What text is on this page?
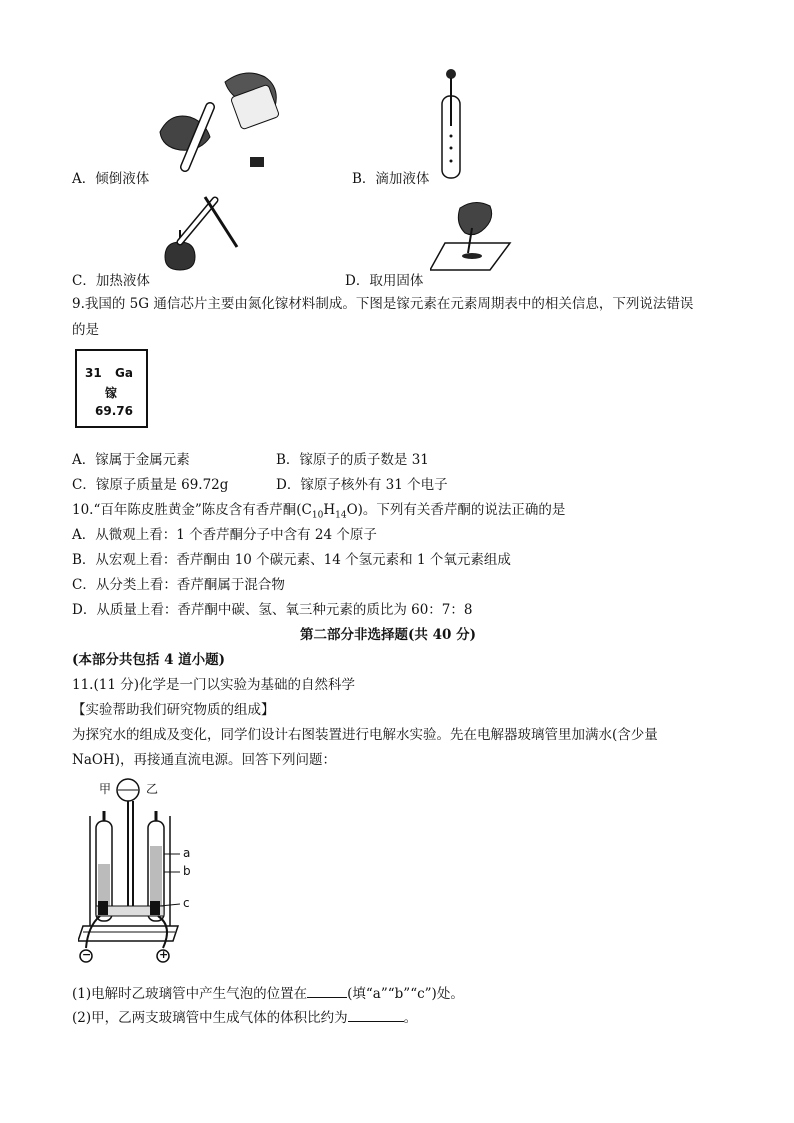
A．倾倒液体	B．滴加液体
C．加热液体	D．取用固体
9.我国的 5G 通信芯片主要由氮化镓材料制成。下图是镓元素在元素周期表中的相关信息，下列说法错误
的是
31 Ga
镓
69.76
A．镓属于金属元素	B．镓原子的质子数是 31
C．镓原子质量是 69.72g	D．镓原子核外有 31 个电子
10.“百年陈皮胜黄金”陈皮含有香芹酮$(C_{10}H_{14}O)$。下列有关香芹酮的说法正确的是
A．从微观上看：1 个香芹酮分子中含有 24 个原子
B．从宏观上看：香芹酮由 10 个碳元素、14 个氢元素和 1 个氧元素组成
C．从分类上看：香芹酮属于混合物
D．从质量上看：香芹酮中碳、氢、氧三种元素的质比为 60：7：8
第二部分非选择题(共 40 分)
(本部分共包括 4 道小题)
11.(11 分)化学是一门以实验为基础的自然科学
【实验帮助我们研究物质的组成】
为探究水的组成及变化，同学们设计右图装置进行电解水实验。先在电解器玻璃管里加满水(含少量
NaOH)，再接通直流电源。回答下列问题：
甲	乙
a
b
c
−	+
(1)电解时乙玻璃管中产生气泡的位置在	(填“a”“b”“c”)处。
(2)甲，乙两支玻璃管中生成气体的体积比约为	。
